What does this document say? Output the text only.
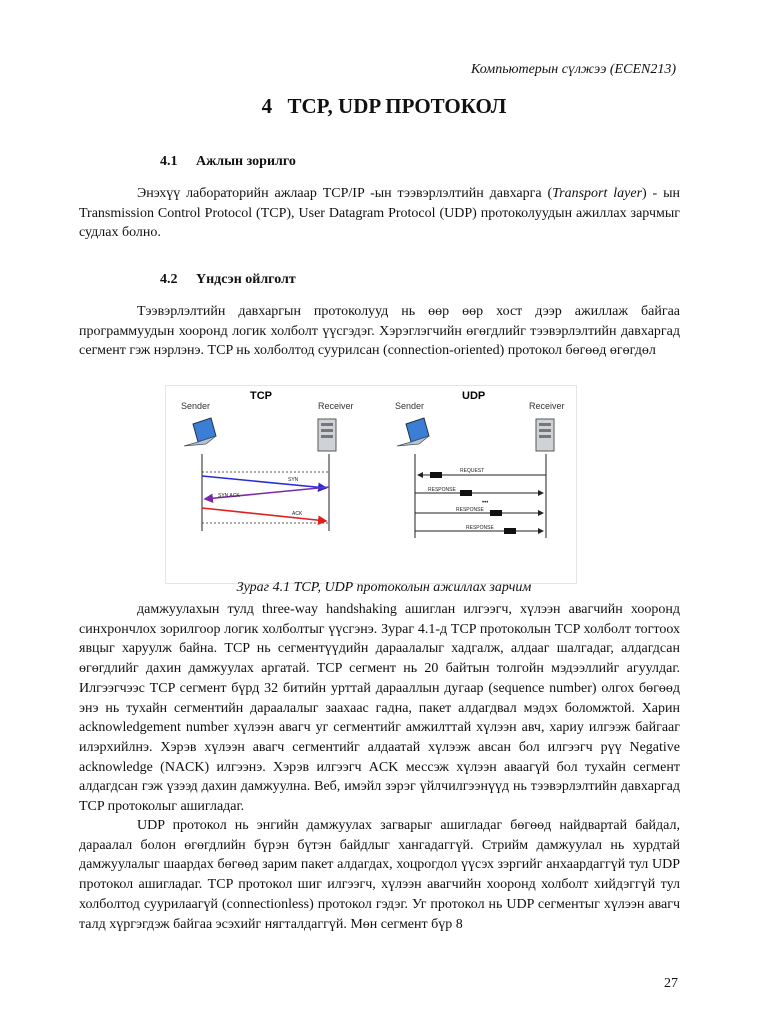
Компьютерын сүлжээ (ECEN213)
4   TCP, UDP ПРОТОКОЛ
4.1 Ажлын зорилго

Энэхүү лабораторийн ажлаар TCP/IP -ын тээвэрлэлтийн давхарга (Transport layer) - ын Transmission Control Protocol (TCP), User Datagram Protocol (UDP) протоколуудын ажиллах зарчмыг судлах болно.

4.2 Үндсэн ойлголт

Тээвэрлэлтийн давхаргын протоколууд нь өөр өөр хост дээр ажиллаж байгаа программуудын хооронд логик холболт үүсгэдэг. Хэрэглэгчийн өгөгдлийг тээвэрлэлтийн давхаргад сегмент гэж нэрлэнэ. TCP нь холболтод суурилсан (connection-oriented) протокол бөгөөд өгөгдөл

TCP
Sender	Receiver
SYN
SYN ACK
ACK
UDP
Sender	Receiver
REQUEST
RESPONSE
•••
RESPONSE
RESPONSE
Зураг 4.1 TCP, UDP протоколын ажиллах зарчим

дамжуулахын тулд three-way handshaking ашиглан илгээгч, хүлээн авагчийн хооронд синхрончлох зорилгоор логик холболтыг үүсгэнэ. Зураг 4.1-д TCP протоколын TCP холболт тогтоох явцыг харуулж байна. TCP нь сегментүүдийн дараалалыг хадгалж, алдааг шалгадаг, алдагдсан өгөгдлийг дахин дамжуулах аргатай. TCP сегмент нь 20 байтын толгойн мэдээллийг агуулдаг. Илгээгчээс TCP сегмент бүрд 32 битийн урттай дарааллын дугаар (sequence number) олгох бөгөөд энэ нь тухайн сегментийн дараалалыг заахаас гадна, пакет алдагдвал мэдэх боломжтой. Харин acknowledgement number хүлээн авагч уг сегментийг амжилттай хүлээн авч, хариу илгээж байгааг илэрхийлнэ. Хэрэв хүлээн авагч сегментийг алдаатай хүлээж авсан бол илгээгч рүү Negative acknowledge (NACK) илгээнэ. Хэрэв илгээгч ACK мессэж хүлээн аваагүй бол тухайн сегмент алдагдсан гэж үзээд дахин дамжуулна. Веб, имэйл зэрэг үйлчилгээнүүд нь тээвэрлэлтийн давхаргад TCP протоколыг ашигладаг.

UDP протокол нь энгийн дамжуулах загварыг ашигладаг бөгөөд найдвартай байдал, дараалал болон өгөгдлийн бүрэн бүтэн байдлыг хангадаггүй. Стрийм дамжуулал нь хурдтай дамжуулалыг шаардах бөгөөд зарим пакет алдагдах, хоцрогдол үүсэх зэргийг анхаардаггүй тул UDP протокол ашигладаг. TCP протокол шиг илгээгч, хүлээн авагчийн хооронд холболт хийдэггүй тул холболтод суурилаагүй (connectionless) протокол гэдэг. Уг протокол нь UDP сегментыг хүлээн авагч талд хүргэгдэж байгаа эсэхийг нягталдаггүй. Мөн сегмент бүр 8

27
